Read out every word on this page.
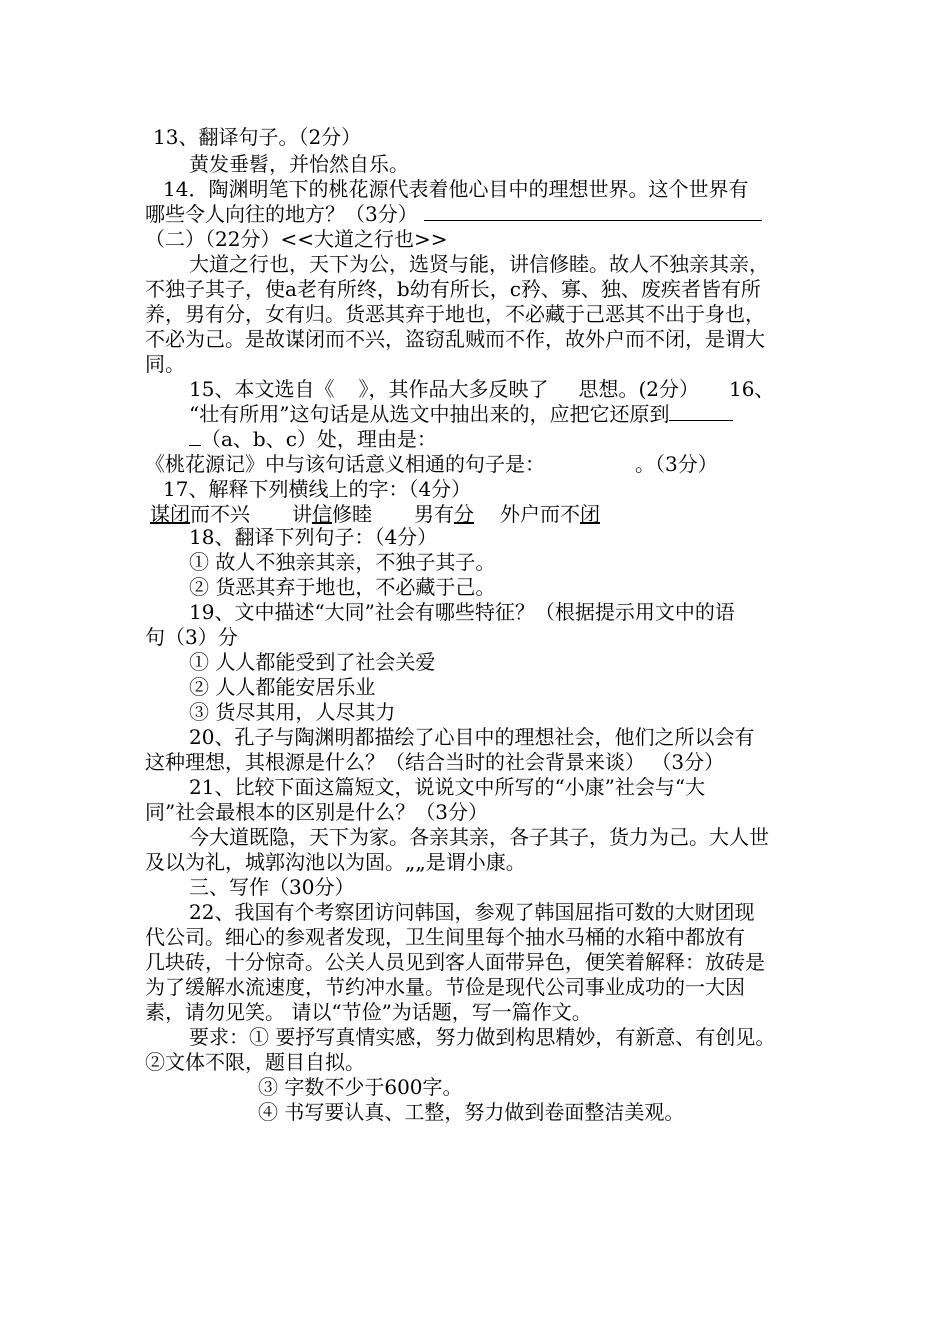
13、翻译句子。（2分）
黄发垂髫，并怡然自乐。
14．陶渊明笔下的桃花源代表着他心目中的理想世界。这个世界有
哪些令人向往的地方？（3分）
（二）（22分）<<大道之行也>>
大道之行也，天下为公，选贤与能，讲信修睦。故人不独亲其亲，
不独子其子，使a老有所终，b幼有所长，c矜、寡、独、废疾者皆有所
养，男有分，女有归。货恶其弃于地也，不必藏于己恶其不出于身也，
不必为己。是故谋闭而不兴，盗窃乱贼而不作，故外户而不闭，是谓大
同。
15、本文选自《 》，其作品大多反映了 思想。(2分） 16、
“壮有所用”这句话是从选文中抽出来的，应把它还原到
（a、b、c）处，理由是：
《桃花源记》中与该句话意义相通的句子是：	。（3分）
17、解释下列横线上的字：（4分）
谋闭而不兴 讲信修睦 男有分 外户而不闭
18、翻译下列句子：（4分）
① 故人不独亲其亲，不独子其子。
② 货恶其弃于地也，不必藏于己。
19、文中描述“大同”社会有哪些特征？（根据提示用文中的语
句（3）分
① 人人都能受到了社会关爱
② 人人都能安居乐业
③ 货尽其用，人尽其力
20、孔子与陶渊明都描绘了心目中的理想社会，他们之所以会有
这种理想，其根源是什么？（结合当时的社会背景来谈） （3分）
21、比较下面这篇短文，说说文中所写的“小康”社会与“大
同”社会最根本的区别是什么？（3分）
今大道既隐，天下为家。各亲其亲，各子其子，货力为己。大人世
及以为礼，城郭沟池以为固。„„是谓小康。
三、写作（30分）
22、我国有个考察团访问韩国，参观了韩国屈指可数的大财团现
代公司。细心的参观者发现，卫生间里每个抽水马桶的水箱中都放有
几块砖，十分惊奇。公关人员见到客人面带异色，便笑着解释：放砖是
为了缓解水流速度，节约冲水量。节俭是现代公司事业成功的一大因
素，请勿见笑。 请以“节俭”为话题，写一篇作文。
要求：① 要抒写真情实感，努力做到构思精妙，有新意、有创见。
②文体不限，题目自拟。
③ 字数不少于600字。
④ 书写要认真、工整，努力做到卷面整洁美观。
